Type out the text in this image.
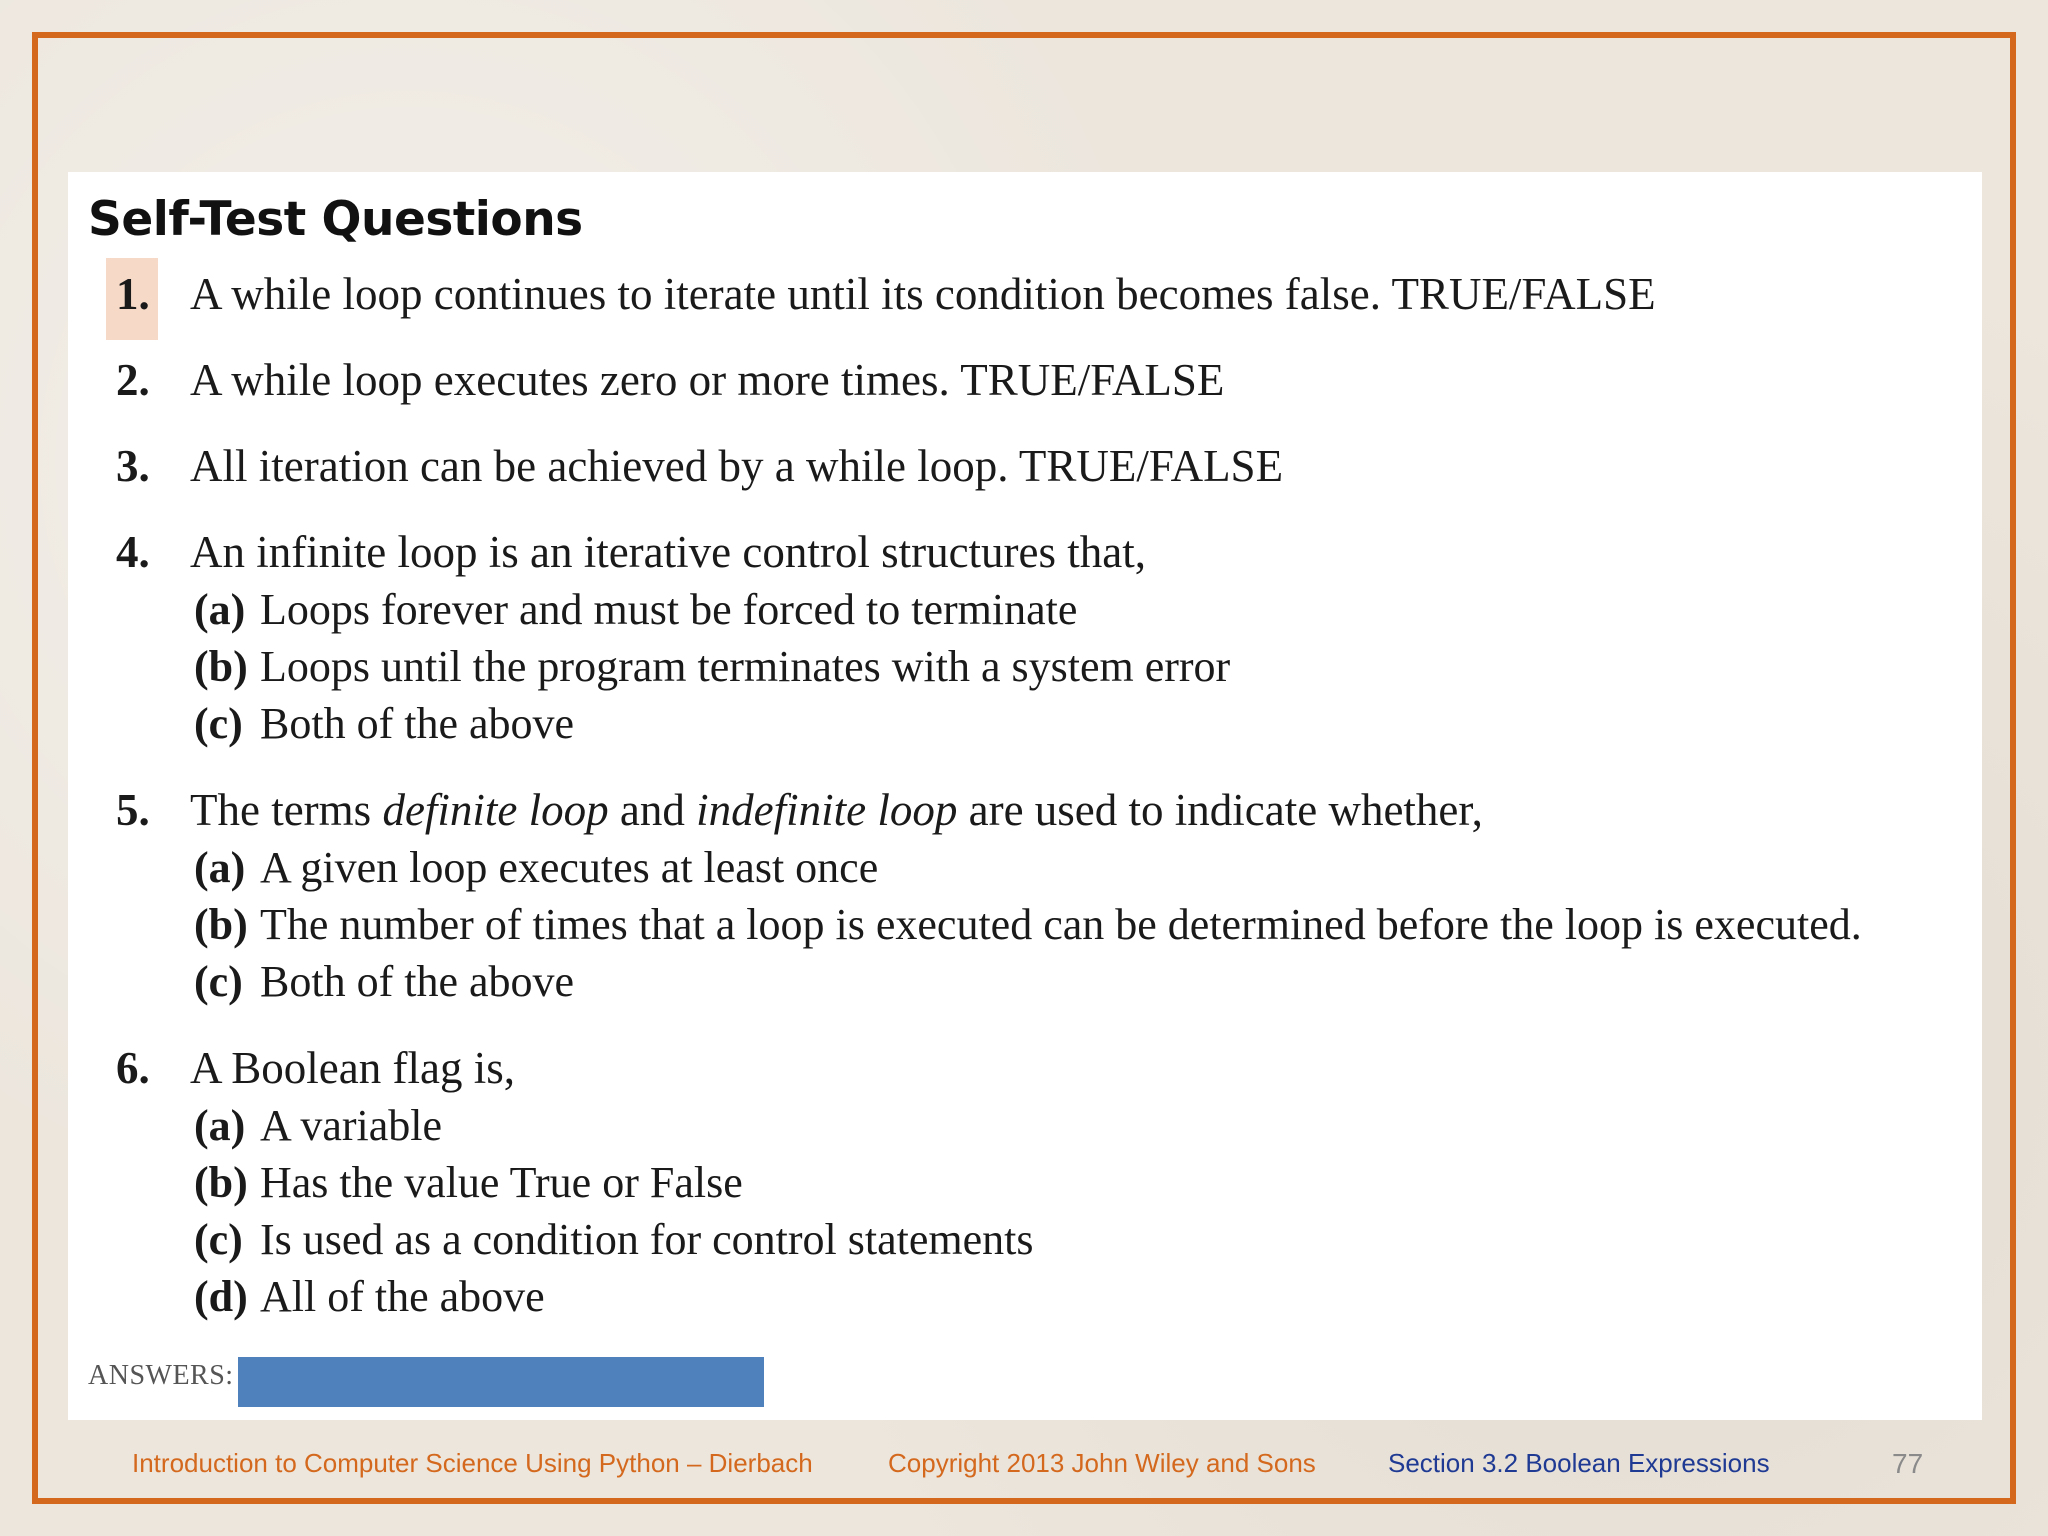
Self-Test Questions
1. A while loop continues to iterate until its condition becomes false. TRUE/FALSE
2. A while loop executes zero or more times. TRUE/FALSE
3. All iteration can be achieved by a while loop. TRUE/FALSE
4. An infinite loop is an iterative control structures that,
(a) Loops forever and must be forced to terminate
(b) Loops until the program terminates with a system error
(c) Both of the above
5. The terms definite loop and indefinite loop are used to indicate whether,
(a) A given loop executes at least once
(b) The number of times that a loop is executed can be determined before the loop is executed.
(c) Both of the above
6. A Boolean flag is,
(a) A variable
(b) Has the value True or False
(c) Is used as a condition for control statements
(d) All of the above
ANSWERS:
Introduction to Computer Science Using Python – Dierbach	Copyright 2013 John Wiley and Sons	Section 3.2 Boolean Expressions	77
